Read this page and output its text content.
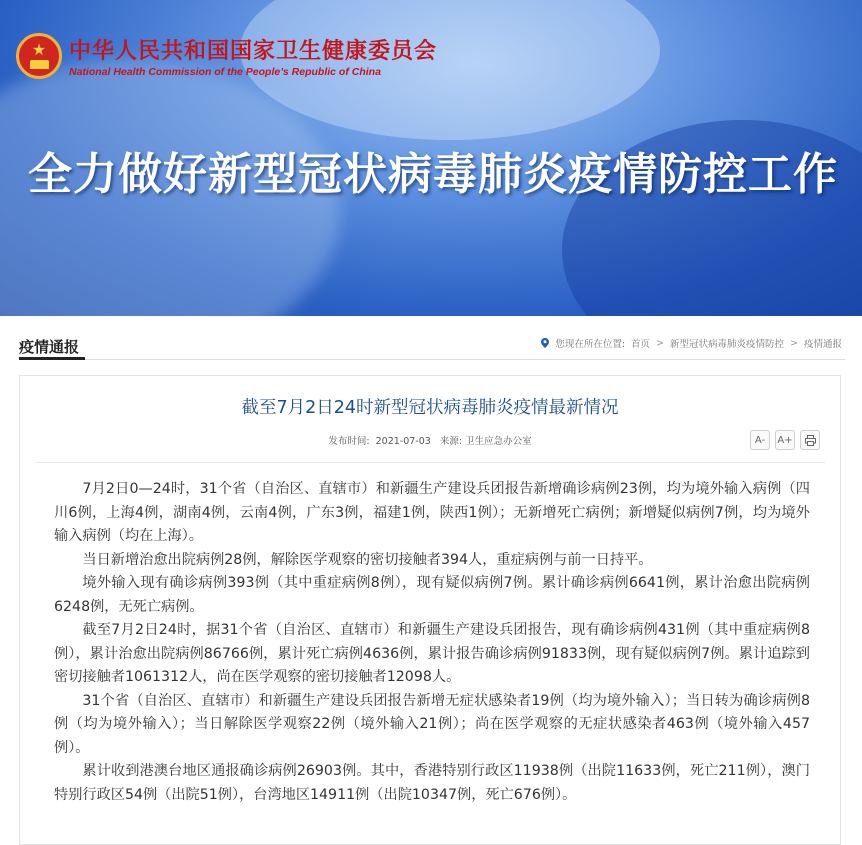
★	中华人民共和国国家卫生健康委员会
National Health Commission of the People’s Republic of China
全力做好新型冠状病毒肺炎疫情防控工作
疫情通报	您现在所在位置: 首页 > 新型冠状病毒肺炎疫情防控 > 疫情通报
截至7月2日24时新型冠状病毒肺炎疫情最新情况
发布时间: 2021-07-03 来源: 卫生应急办公室	A-	A+

7月2日0—24时，31个省（自治区、直辖市）和新疆生产建设兵团报告新增确诊病例23例，均为境外输入病例（四川6例，上海4例，湖南4例，云南4例，广东3例，福建1例，陕西1例）；无新增死亡病例；新增疑似病例7例，均为境外输入病例（均在上海）。

当日新增治愈出院病例28例，解除医学观察的密切接触者394人，重症病例与前一日持平。

境外输入现有确诊病例393例（其中重症病例8例），现有疑似病例7例。累计确诊病例6641例，累计治愈出院病例6248例，无死亡病例。

截至7月2日24时，据31个省（自治区、直辖市）和新疆生产建设兵团报告，现有确诊病例431例（其中重症病例8例），累计治愈出院病例86766例，累计死亡病例4636例，累计报告确诊病例91833例，现有疑似病例7例。累计追踪到密切接触者1061312人，尚在医学观察的密切接触者12098人。

31个省（自治区、直辖市）和新疆生产建设兵团报告新增无症状感染者19例（均为境外输入）；当日转为确诊病例8例（均为境外输入）；当日解除医学观察22例（境外输入21例）；尚在医学观察的无症状感染者463例（境外输入457例）。

累计收到港澳台地区通报确诊病例26903例。其中，香港特别行政区11938例（出院11633例，死亡211例），澳门特别行政区54例（出院51例），台湾地区14911例（出院10347例，死亡676例）。
